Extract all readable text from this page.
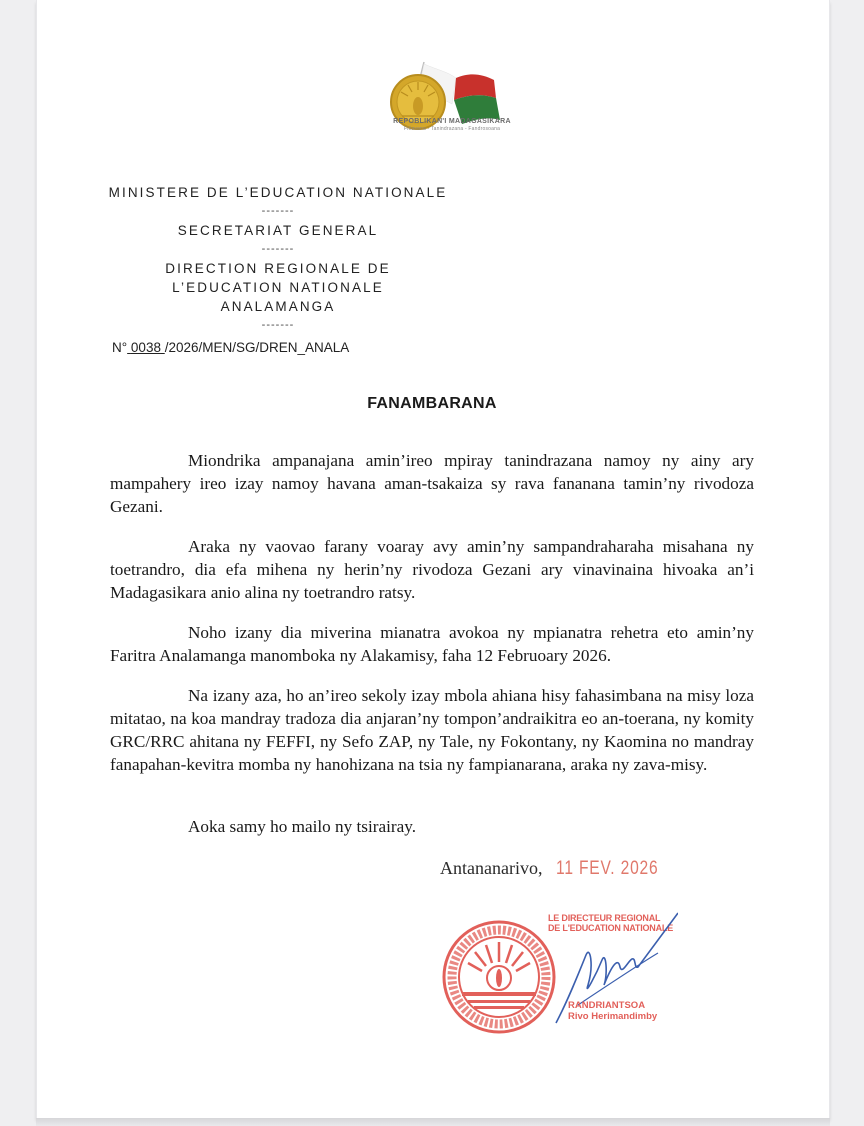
REPOBLIKAN'I MADAGASIKARA
Fitiavana - Tanindrazana - Fandrosoana
MINISTERE DE L’EDUCATION NATIONALE
-------
SECRETARIAT GENERAL
-------
DIRECTION REGIONALE DE
L’EDUCATION NATIONALE
ANALAMANGA
-------
N° 0038 /2026/MEN/SG/DREN_ANALA
FANAMBARANA

Miondrika ampanajana amin’ireo mpiray tanindrazana namoy ny ainy ary mampahery ireo izay namoy havana aman-tsakaiza sy rava fananana tamin’ny rivodoza Gezani.

Araka ny vaovao farany voaray avy amin’ny sampandraharaha misahana ny toetrandro, dia efa mihena ny herin’ny rivodoza Gezani ary vinavinaina hivoaka an’i Madagasikara anio alina ny toetrandro ratsy.

Noho izany dia miverina mianatra avokoa ny mpianatra rehetra eto amin’ny Faritra Analamanga manomboka ny Alakamisy, faha 12 Februoary 2026.

Na izany aza, ho an’ireo sekoly izay mbola ahiana hisy fahasimbana na misy loza mitatao, na koa mandray tradoza dia anjaran’ny tompon’andraikitra eo an-toerana, ny komity GRC/RRC ahitana ny FEFFI, ny Sefo ZAP, ny Tale, ny Fokontany, ny Kaomina no mandray fanapahan-kevitra momba ny hanohizana na tsia ny fampianarana, araka ny zava-misy.

Aoka samy ho mailo ny tsirairay.

Antananarivo, 11 FEV. 2026
LE DIRECTEUR REGIONAL
DE L'EDUCATION NATIONALE
RANDRIANTSOA
Rivo Herimandimby
